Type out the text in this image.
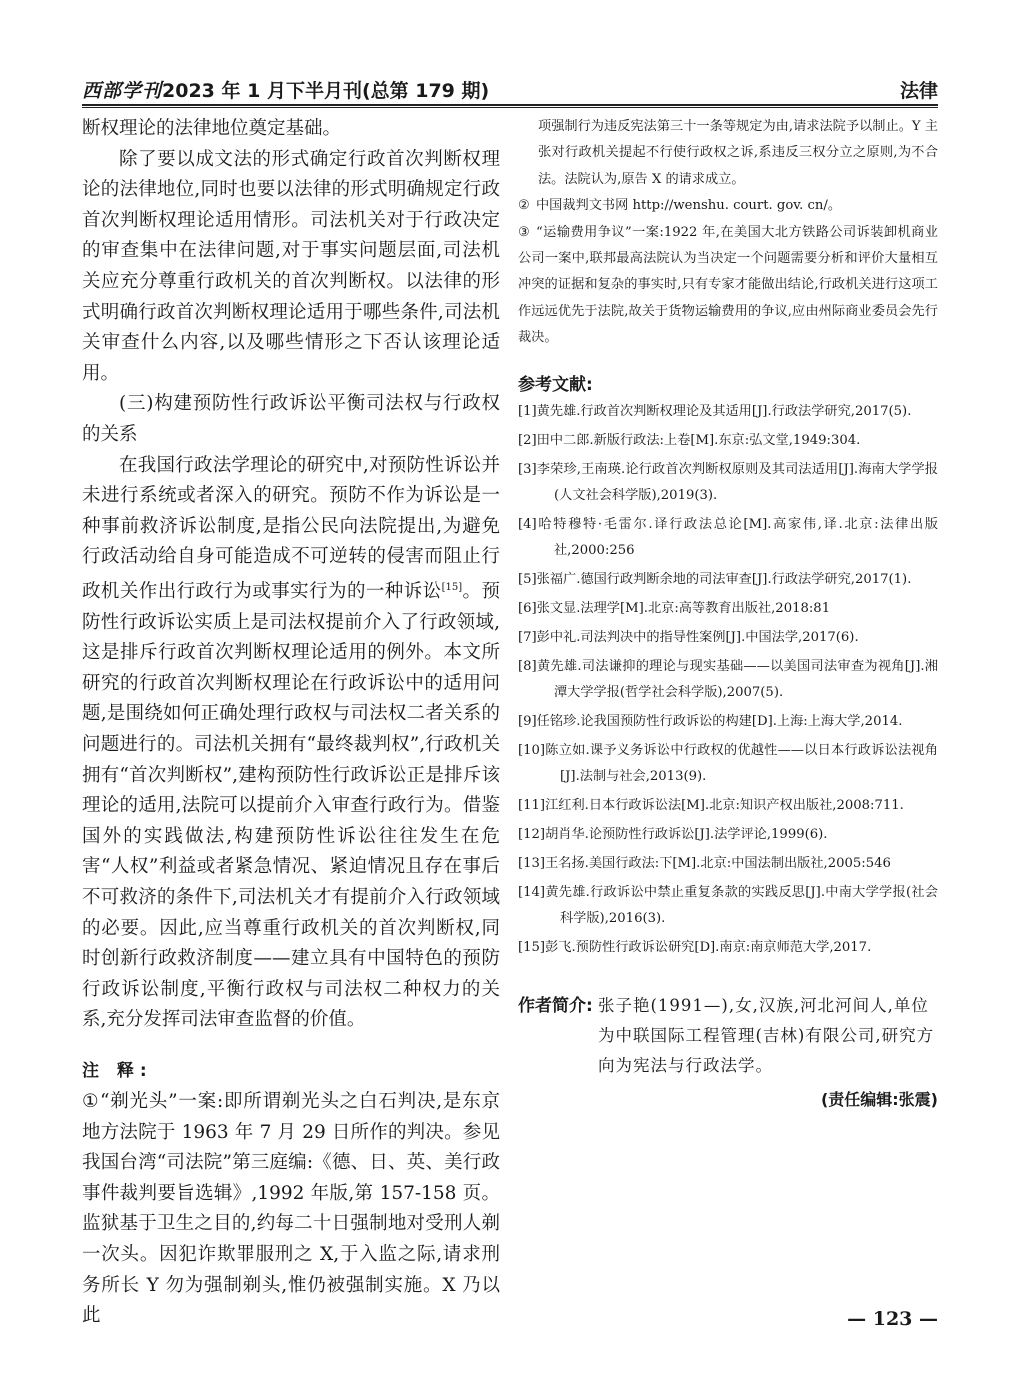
西部学刊 2023 年 1 月下半月刊(总第 179 期)	法律

断权理论的法律地位奠定基础。

除了要以成文法的形式确定行政首次判断权理论的法律地位,同时也要以法律的形式明确规定行政首次判断权理论适用情形。司法机关对于行政决定的审查集中在法律问题,对于事实问题层面,司法机关应充分尊重行政机关的首次判断权。以法律的形式明确行政首次判断权理论适用于哪些条件,司法机关审查什么内容,以及哪些情形之下否认该理论适用。

(三)构建预防性行政诉讼平衡司法权与行政权的关系

在我国行政法学理论的研究中,对预防性诉讼并未进行系统或者深入的研究。预防不作为诉讼是一种事前救济诉讼制度,是指公民向法院提出,为避免行政活动给自身可能造成不可逆转的侵害而阻止行政机关作出行政行为或事实行为的一种诉讼[15]。预防性行政诉讼实质上是司法权提前介入了行政领域,这是排斥行政首次判断权理论适用的例外。本文所研究的行政首次判断权理论在行政诉讼中的适用问题,是围绕如何正确处理行政权与司法权二者关系的问题进行的。司法机关拥有“最终裁判权”,行政机关拥有“首次判断权”,建构预防性行政诉讼正是排斥该理论的适用,法院可以提前介入审查行政行为。借鉴国外的实践做法,构建预防性诉讼往往发生在危害“人权”利益或者紧急情况、紧迫情况且存在事后不可救济的条件下,司法机关才有提前介入行政领域的必要。因此,应当尊重行政机关的首次判断权,同时创新行政救济制度——建立具有中国特色的预防行政诉讼制度,平衡行政权与司法权二种权力的关系,充分发挥司法审查监督的价值。

注 释:

①“剃光头”一案:即所谓剃光头之白石判决,是东京地方法院于 1963 年 7 月 29 日所作的判决。参见我国台湾“司法院”第三庭编:《德、日、英、美行政事件裁判要旨选辑》,1992 年版,第 157-158 页。监狱基于卫生之目的,约每二十日强制地对受刑人剃一次头。因犯诈欺罪服刑之 X,于入监之际,请求刑务所长 Y 勿为强制剃头,惟仍被强制实施。X 乃以此

项强制行为违反宪法第三十一条等规定为由,请求法院予以制止。Y 主张对行政机关提起不行使行政权之诉,系违反三权分立之原则,为不合法。法院认为,原告 X 的请求成立。

② 中国裁判文书网 http://wenshu. court. gov. cn/。

③ “运输费用争议”一案:1922 年,在美国大北方铁路公司诉装卸机商业公司一案中,联邦最高法院认为当决定一个问题需要分析和评价大量相互冲突的证据和复杂的事实时,只有专家才能做出结论,行政机关进行这项工作远远优先于法院,故关于货物运输费用的争议,应由州际商业委员会先行裁决。

参考文献:

[1]黄先雄.行政首次判断权理论及其适用[J].行政法学研究,2017(5).

[2]田中二郎.新版行政法:上卷[M].东京:弘文堂,1949:304.

[3]李荣珍,王南瑛.论行政首次判断权原则及其司法适用[J].海南大学学报(人文社会科学版),2019(3).

[4]哈特穆特·毛雷尔.译行政法总论[M].高家伟,译.北京:法律出版社,2000:256

[5]张福广.德国行政判断余地的司法审查[J].行政法学研究,2017(1).

[6]张文显.法理学[M].北京:高等教育出版社,2018:81

[7]彭中礼.司法判决中的指导性案例[J].中国法学,2017(6).

[8]黄先雄.司法谦抑的理论与现实基础——以美国司法审查为视角[J].湘潭大学学报(哲学社会科学版),2007(5).

[9]任铭珍.论我国预防性行政诉讼的构建[D].上海:上海大学,2014.

[10]陈立如.课予义务诉讼中行政权的优越性——以日本行政诉讼法视角[J].法制与社会,2013(9).

[11]江红利.日本行政诉讼法[M].北京:知识产权出版社,2008:711.

[12]胡肖华.论预防性行政诉讼[J].法学评论,1999(6).

[13]王名扬.美国行政法:下[M].北京:中国法制出版社,2005:546

[14]黄先雄.行政诉讼中禁止重复条款的实践反思[J].中南大学学报(社会科学版),2016(3).

[15]彭飞.预防性行政诉讼研究[D].南京:南京师范大学,2017.

作者简介: 张子艳(1991—),女,汉族,河北河间人,单位为中联国际工程管理(吉林)有限公司,研究方向为宪法与行政法学。
(责任编辑:张震)
— 123 —
